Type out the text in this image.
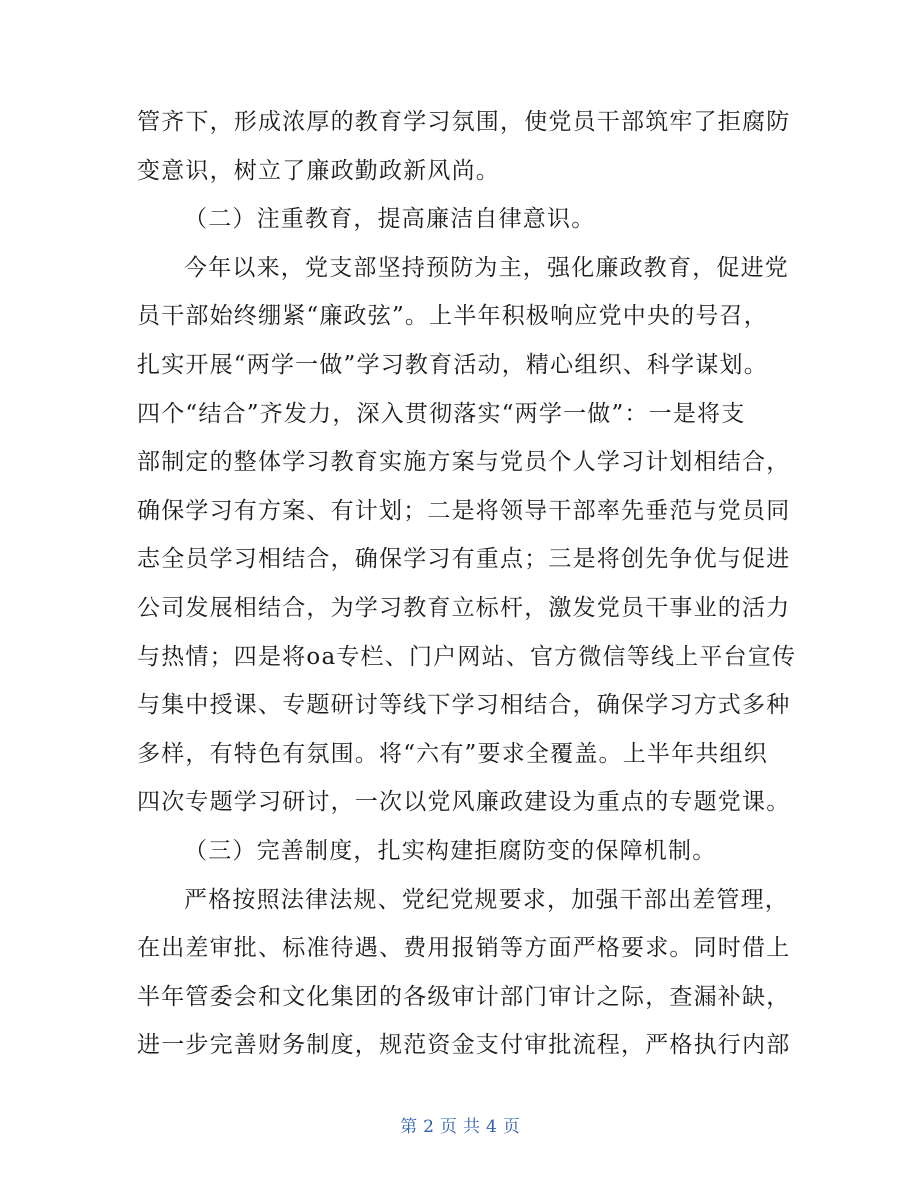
管齐下，形成浓厚的教育学习氛围，使党员干部筑牢了拒腐防
变意识，树立了廉政勤政新风尚。
（二）注重教育，提高廉洁自律意识。
今年以来，党支部坚持预防为主，强化廉政教育，促进党
员干部始终绷紧“廉政弦”。上半年积极响应党中央的号召，
扎实开展“两学一做”学习教育活动，精心组织、科学谋划。
四个“结合”齐发力，深入贯彻落实“两学一做”：一是将支
部制定的整体学习教育实施方案与党员个人学习计划相结合，
确保学习有方案、有计划；二是将领导干部率先垂范与党员同
志全员学习相结合，确保学习有重点；三是将创先争优与促进
公司发展相结合，为学习教育立标杆，激发党员干事业的活力
与热情；四是将oa专栏、门户网站、官方微信等线上平台宣传
与集中授课、专题研讨等线下学习相结合，确保学习方式多种
多样，有特色有氛围。将“六有”要求全覆盖。上半年共组织
四次专题学习研讨，一次以党风廉政建设为重点的专题党课。
（三）完善制度，扎实构建拒腐防变的保障机制。
严格按照法律法规、党纪党规要求，加强干部出差管理，
在出差审批、标准待遇、费用报销等方面严格要求。同时借上
半年管委会和文化集团的各级审计部门审计之际，查漏补缺，
进一步完善财务制度，规范资金支付审批流程，严格执行内部
第 2 页 共 4 页
